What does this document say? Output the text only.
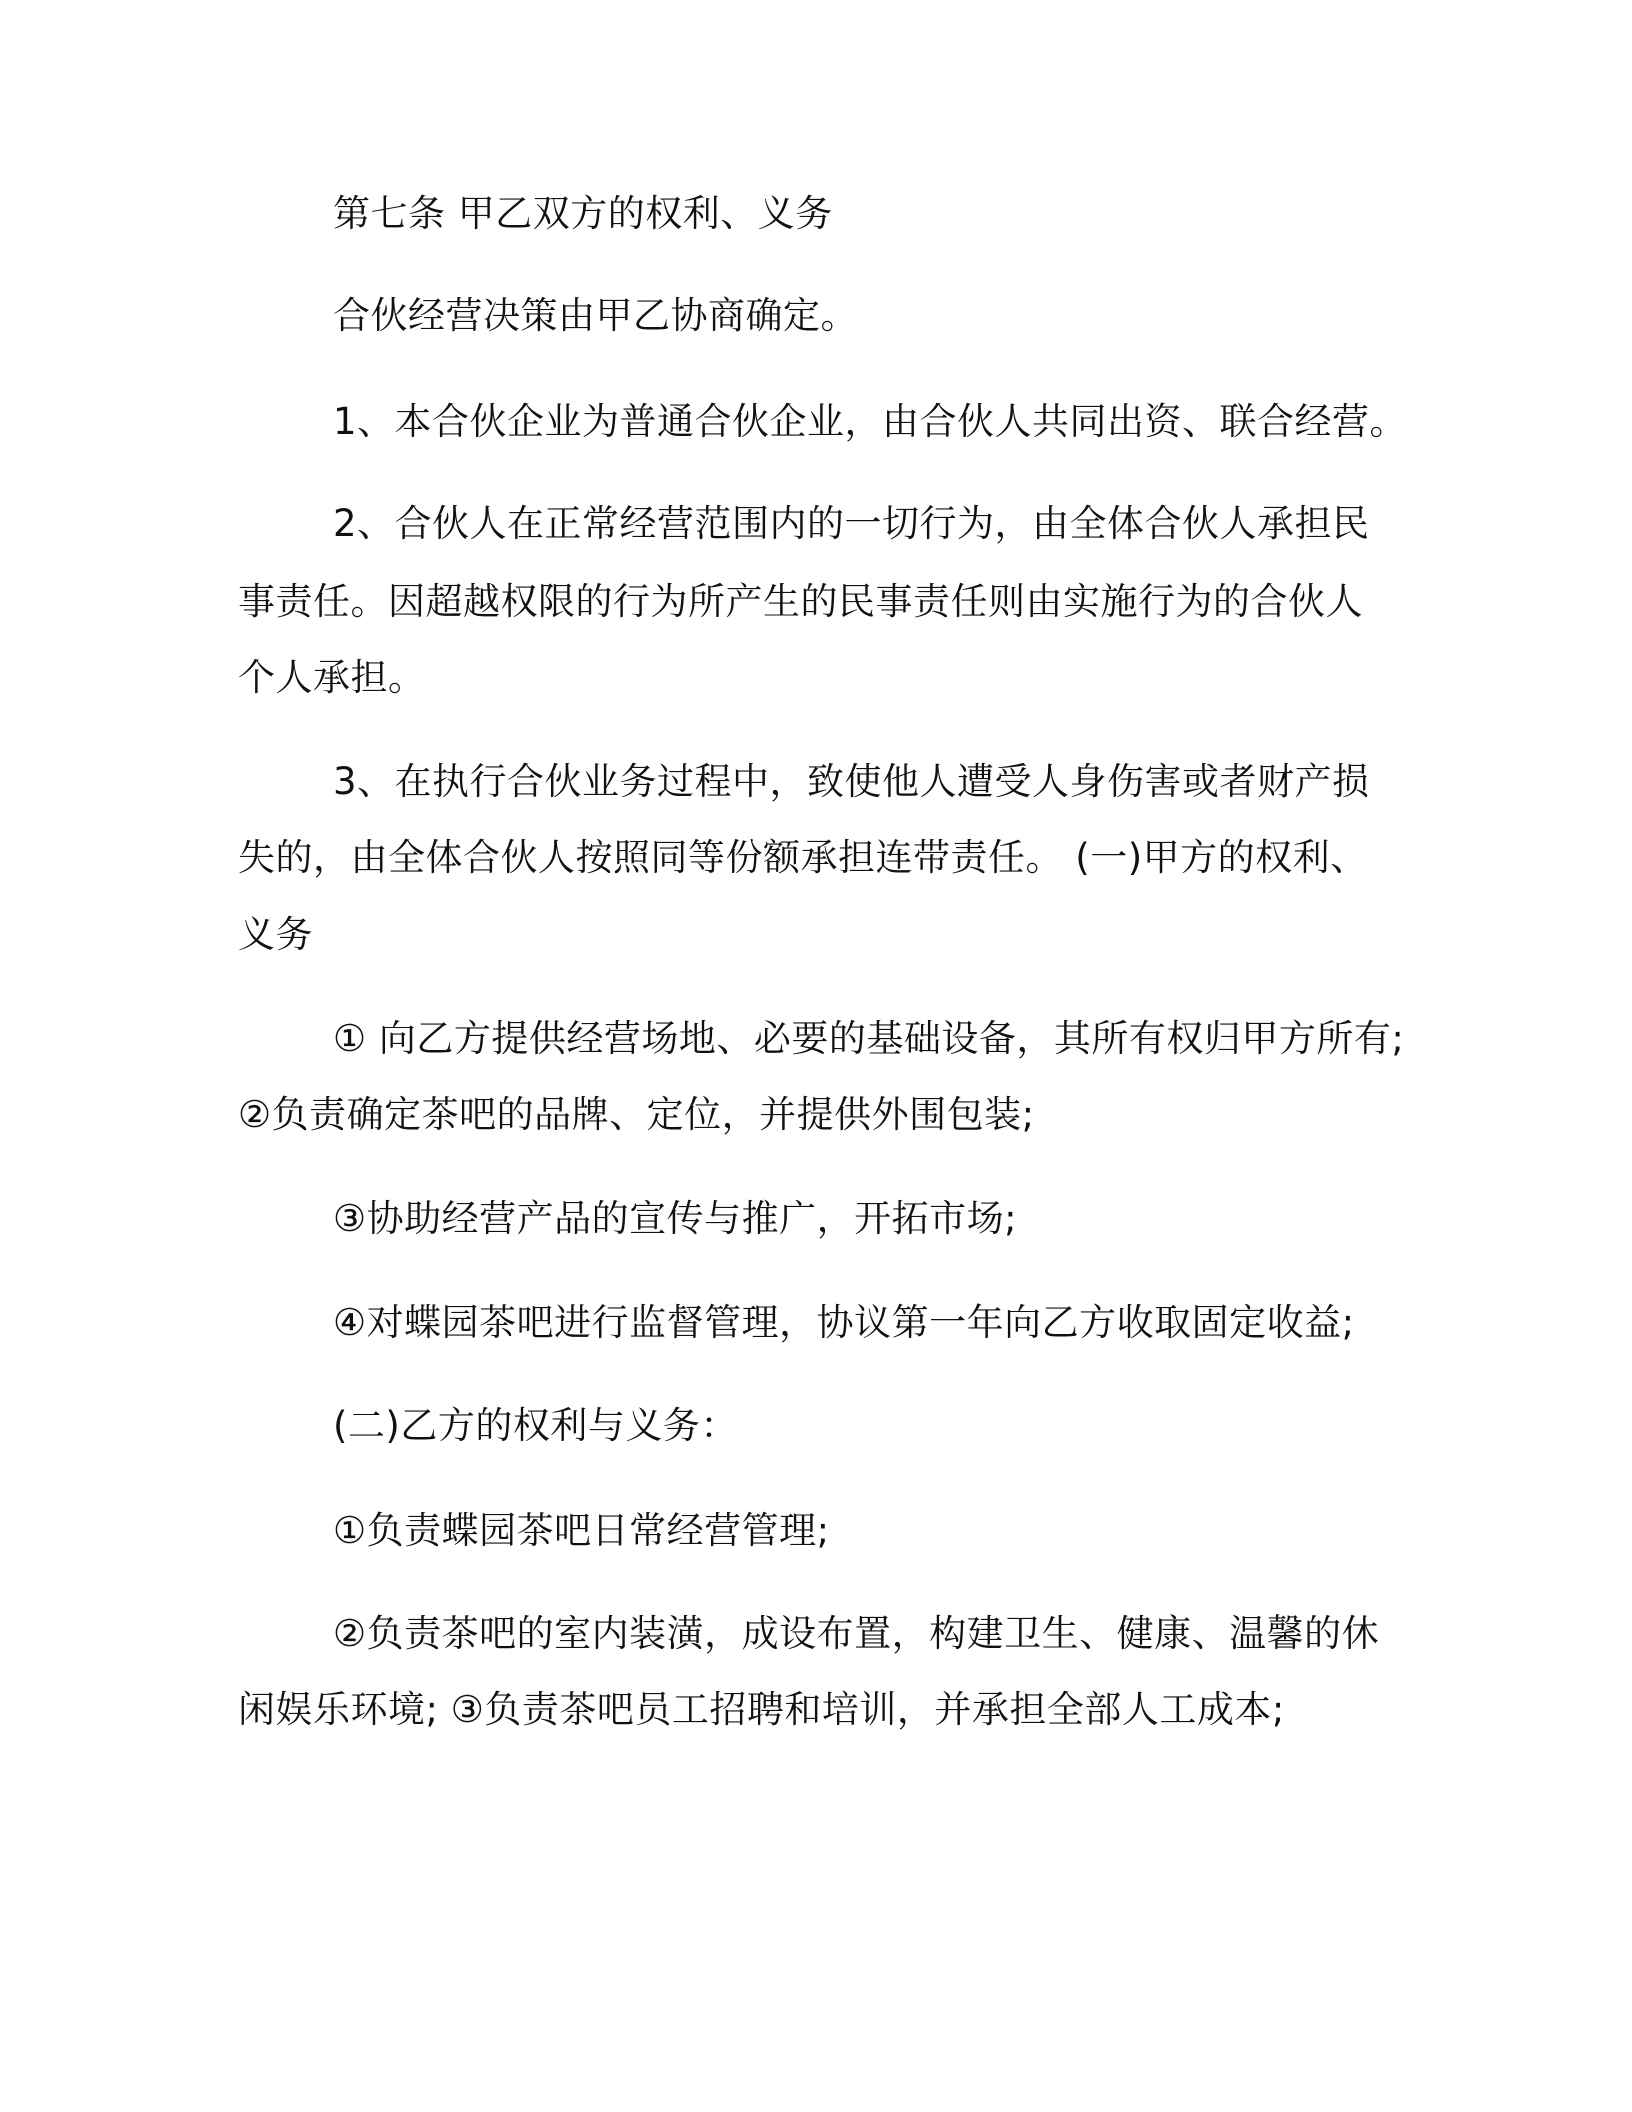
第七条 甲乙双方的权利、义务

合伙经营决策由甲乙协商确定。

1、本合伙企业为普通合伙企业，由合伙人共同出资、联合经营。

2、合伙人在正常经营范围内的一切行为，由全体合伙人承担民

事责任。因超越权限的行为所产生的民事责任则由实施行为的合伙人

个人承担。

3、在执行合伙业务过程中，致使他人遭受人身伤害或者财产损

失的，由全体合伙人按照同等份额承担连带责任。 (一)甲方的权利、

义务

① 向乙方提供经营场地、必要的基础设备，其所有权归甲方所有;

②负责确定茶吧的品牌、定位，并提供外围包装;

③协助经营产品的宣传与推广，开拓市场;

④对蝶园茶吧进行监督管理，协议第一年向乙方收取固定收益;

(二)乙方的权利与义务：

①负责蝶园茶吧日常经营管理;

②负责茶吧的室内装潢，成设布置，构建卫生、健康、温馨的休

闲娱乐环境; ③负责茶吧员工招聘和培训，并承担全部人工成本;
